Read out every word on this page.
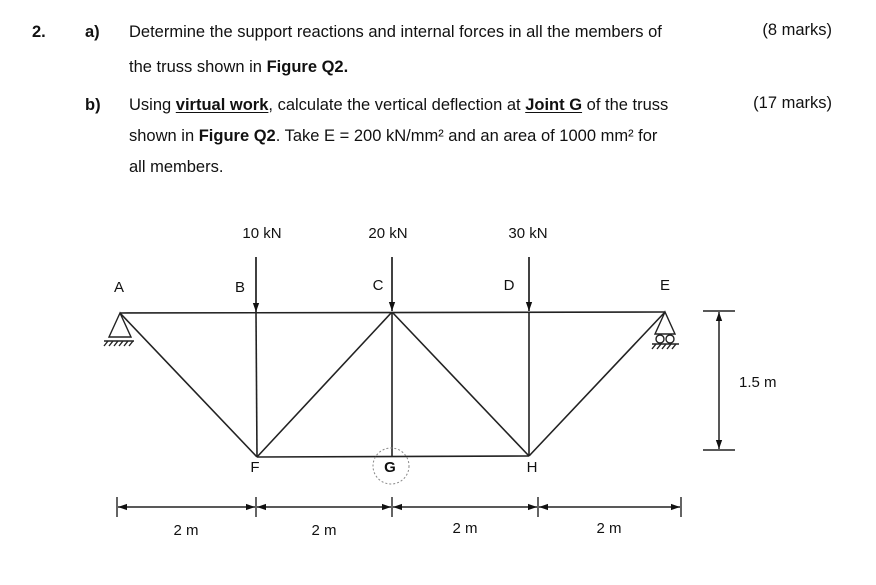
2. a) Determine the support reactions and internal forces in all the members of
the truss shown in Figure Q2.
(8 marks)
b) Using virtual work, calculate the vertical deflection at Joint G of the truss
shown in Figure Q2. Take E = 200 kN/mm² and an area of 1000 mm² for
all members.
(17 marks)
10 kN	20 kN	30 kN
A	B	C	D	E
F	G	H
1.5 m
2 m	2 m	2 m	2 m
